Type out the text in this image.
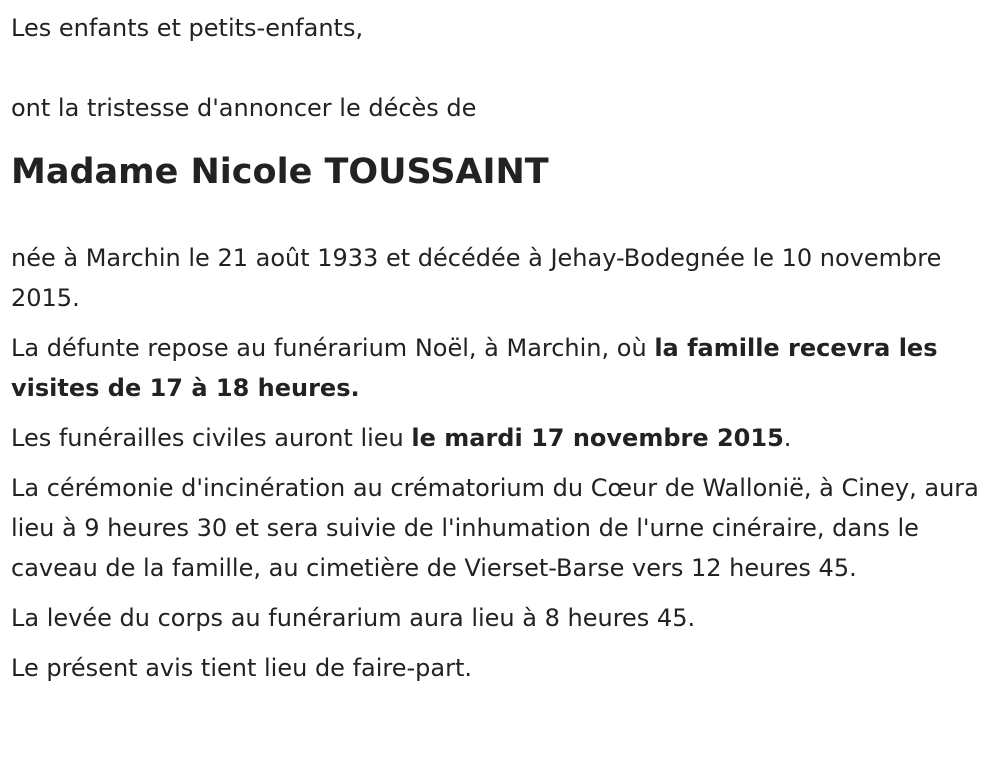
Les enfants et petits-enfants,

ont la tristesse d'annoncer le décès de

Madame Nicole TOUSSAINT

née à Marchin le 21 août 1933 et décédée à Jehay-Bodegnée le 10 novembre 2015.

La défunte repose au funérarium Noël, à Marchin, où la famille recevra les visites de 17 à 18 heures.

Les funérailles civiles auront lieu le mardi 17 novembre 2015.

La cérémonie d'incinération au crématorium du Cœur de Wallonië, à Ciney, aura lieu à 9 heures 30 et sera suivie de l'inhumation de l'urne cinéraire, dans le caveau de la famille, au cimetière de Vierset-Barse vers 12 heures 45.

La levée du corps au funérarium aura lieu à 8 heures 45.

Le présent avis tient lieu de faire-part.
